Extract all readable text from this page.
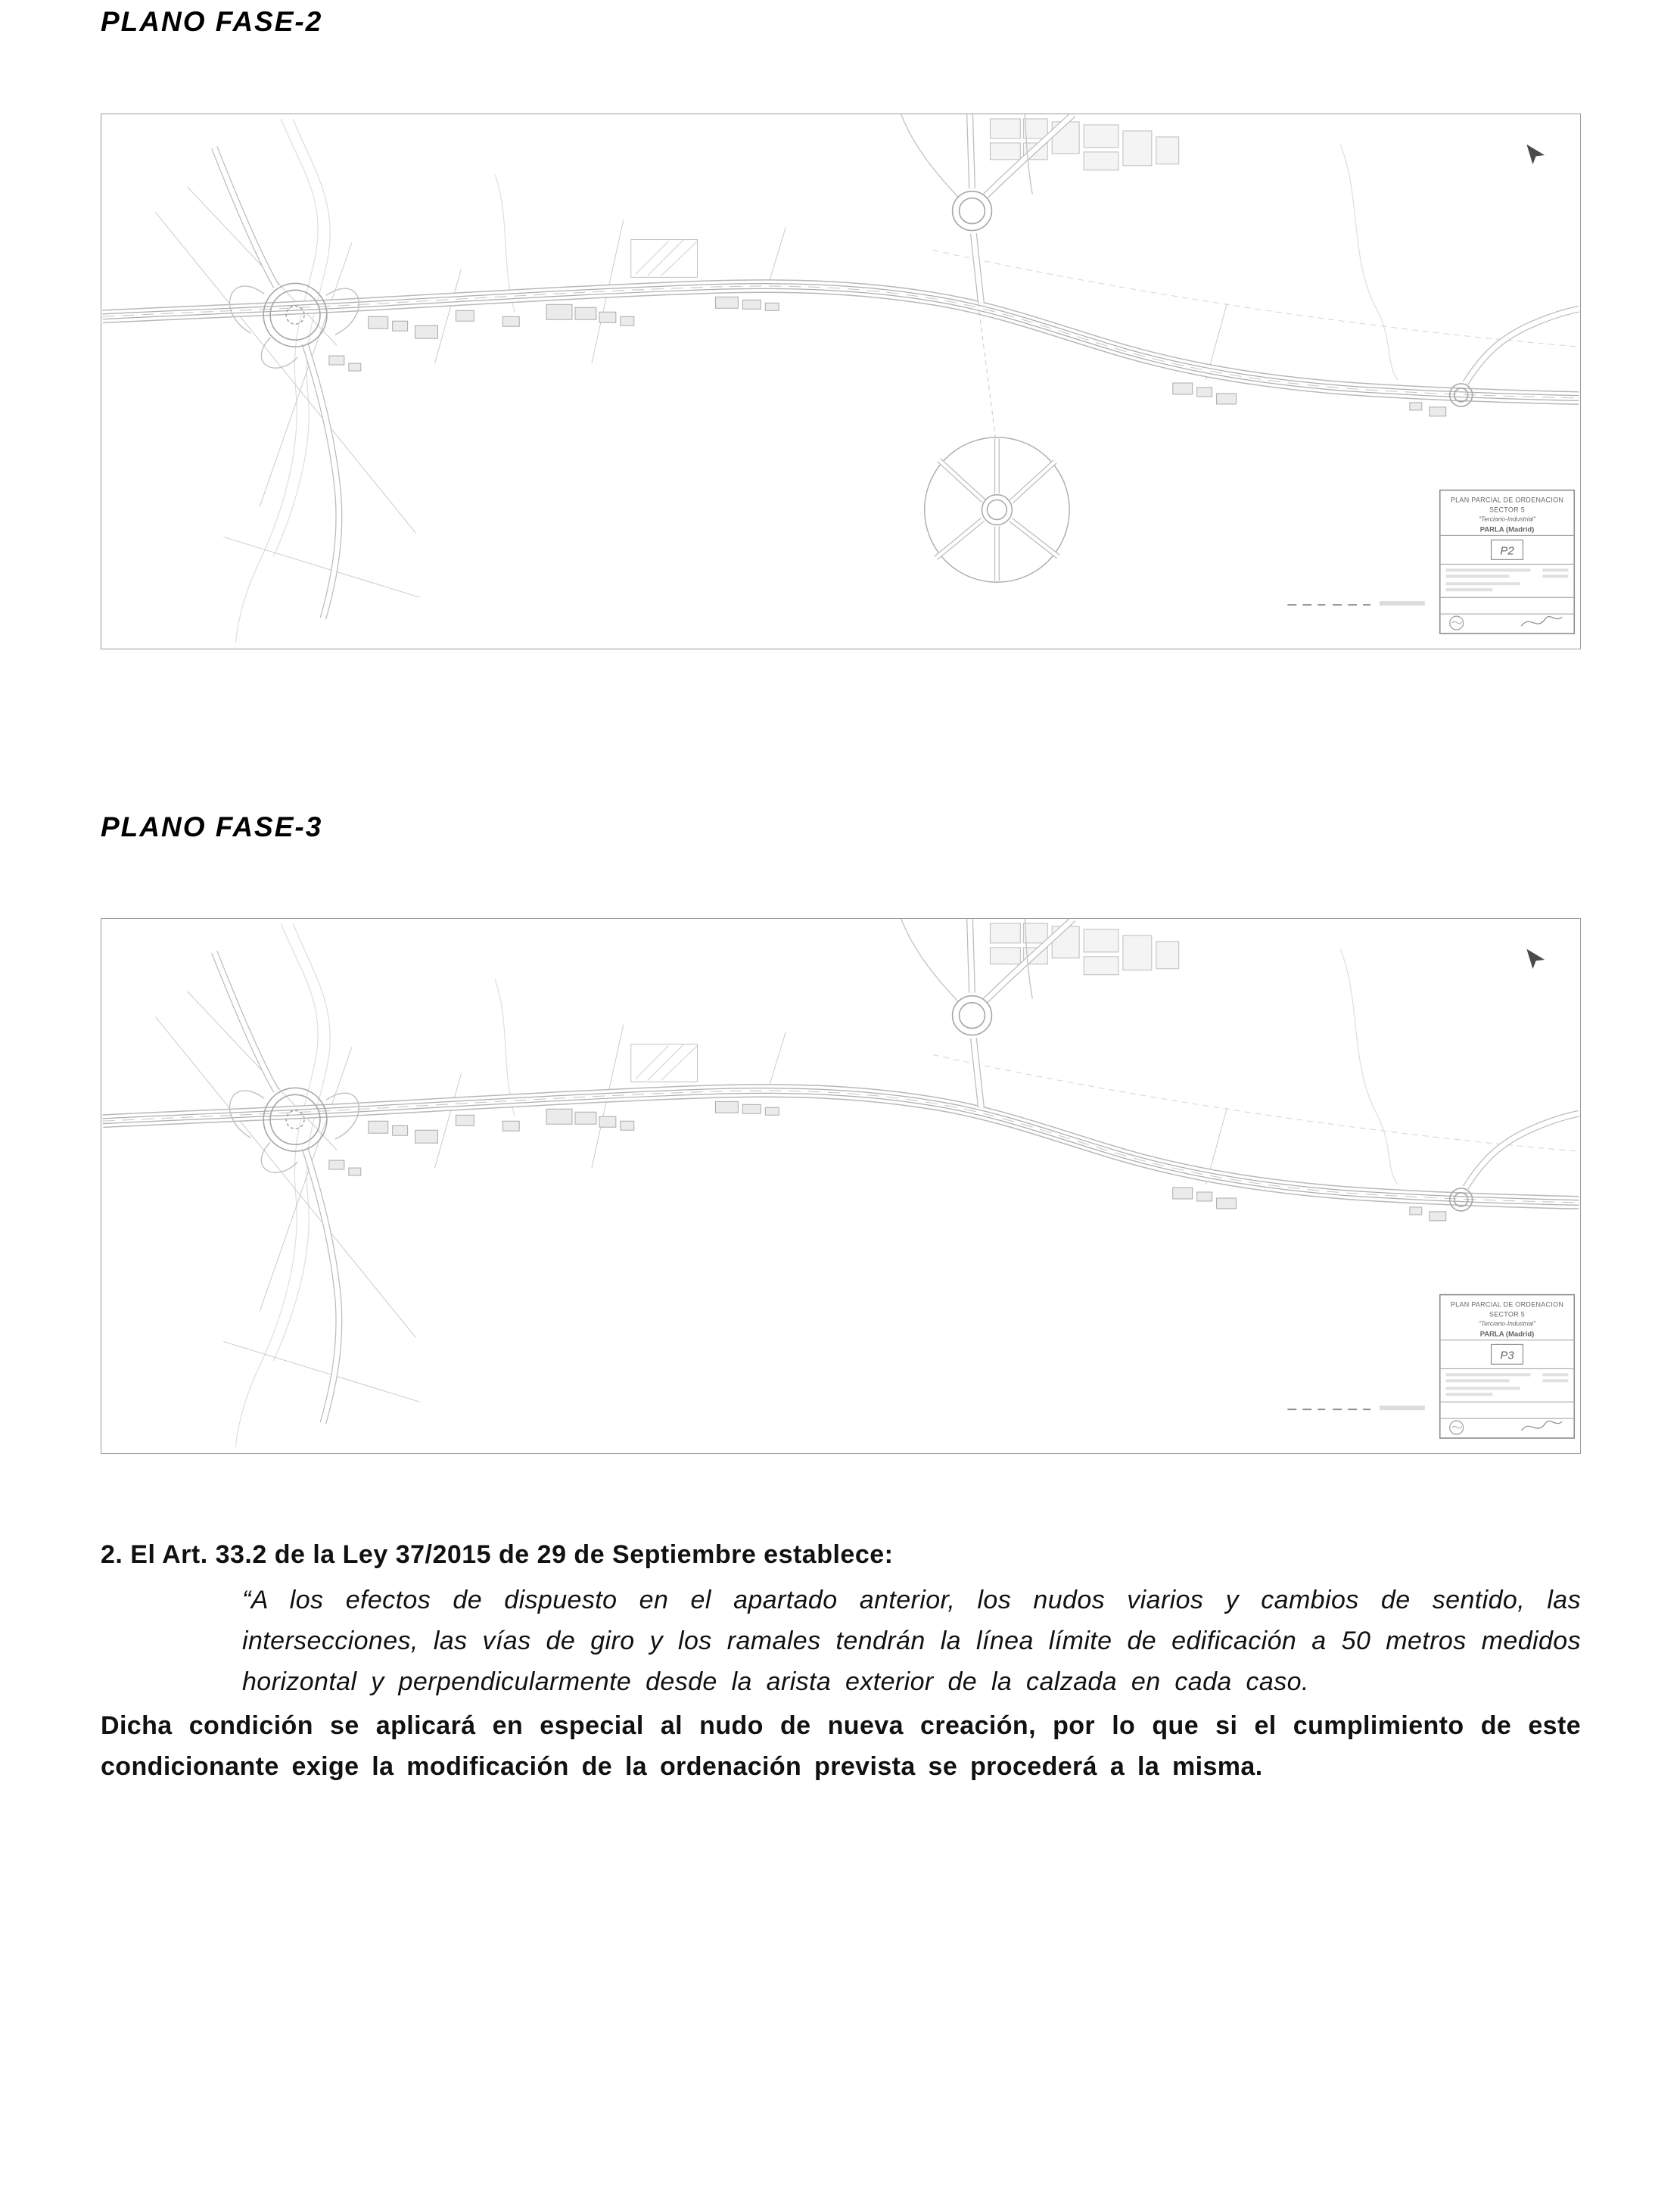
PLANO FASE-2
PLAN PARCIAL DE ORDENACION
SECTOR 5
"Terciario-Industrial"
PARLA (Madrid)
P2
PLANO FASE-3
PLAN PARCIAL DE ORDENACION
SECTOR 5
"Terciario-Industrial"
PARLA (Madrid)
P3

2. El Art. 33.2 de la Ley 37/2015 de 29 de Septiembre establece:

“A los efectos de dispuesto en el apartado anterior, los nudos viarios y cambios de sentido, las intersecciones, las vías de giro y los ramales tendrán la línea límite de edificación a 50 metros medidos horizontal y perpendicularmente desde la arista exterior de la calzada en cada caso.

Dicha condición se aplicará en especial al nudo de nueva creación, por lo que si el cumplimiento de este condicionante exige la modificación de la ordenación prevista se procederá a la misma.
